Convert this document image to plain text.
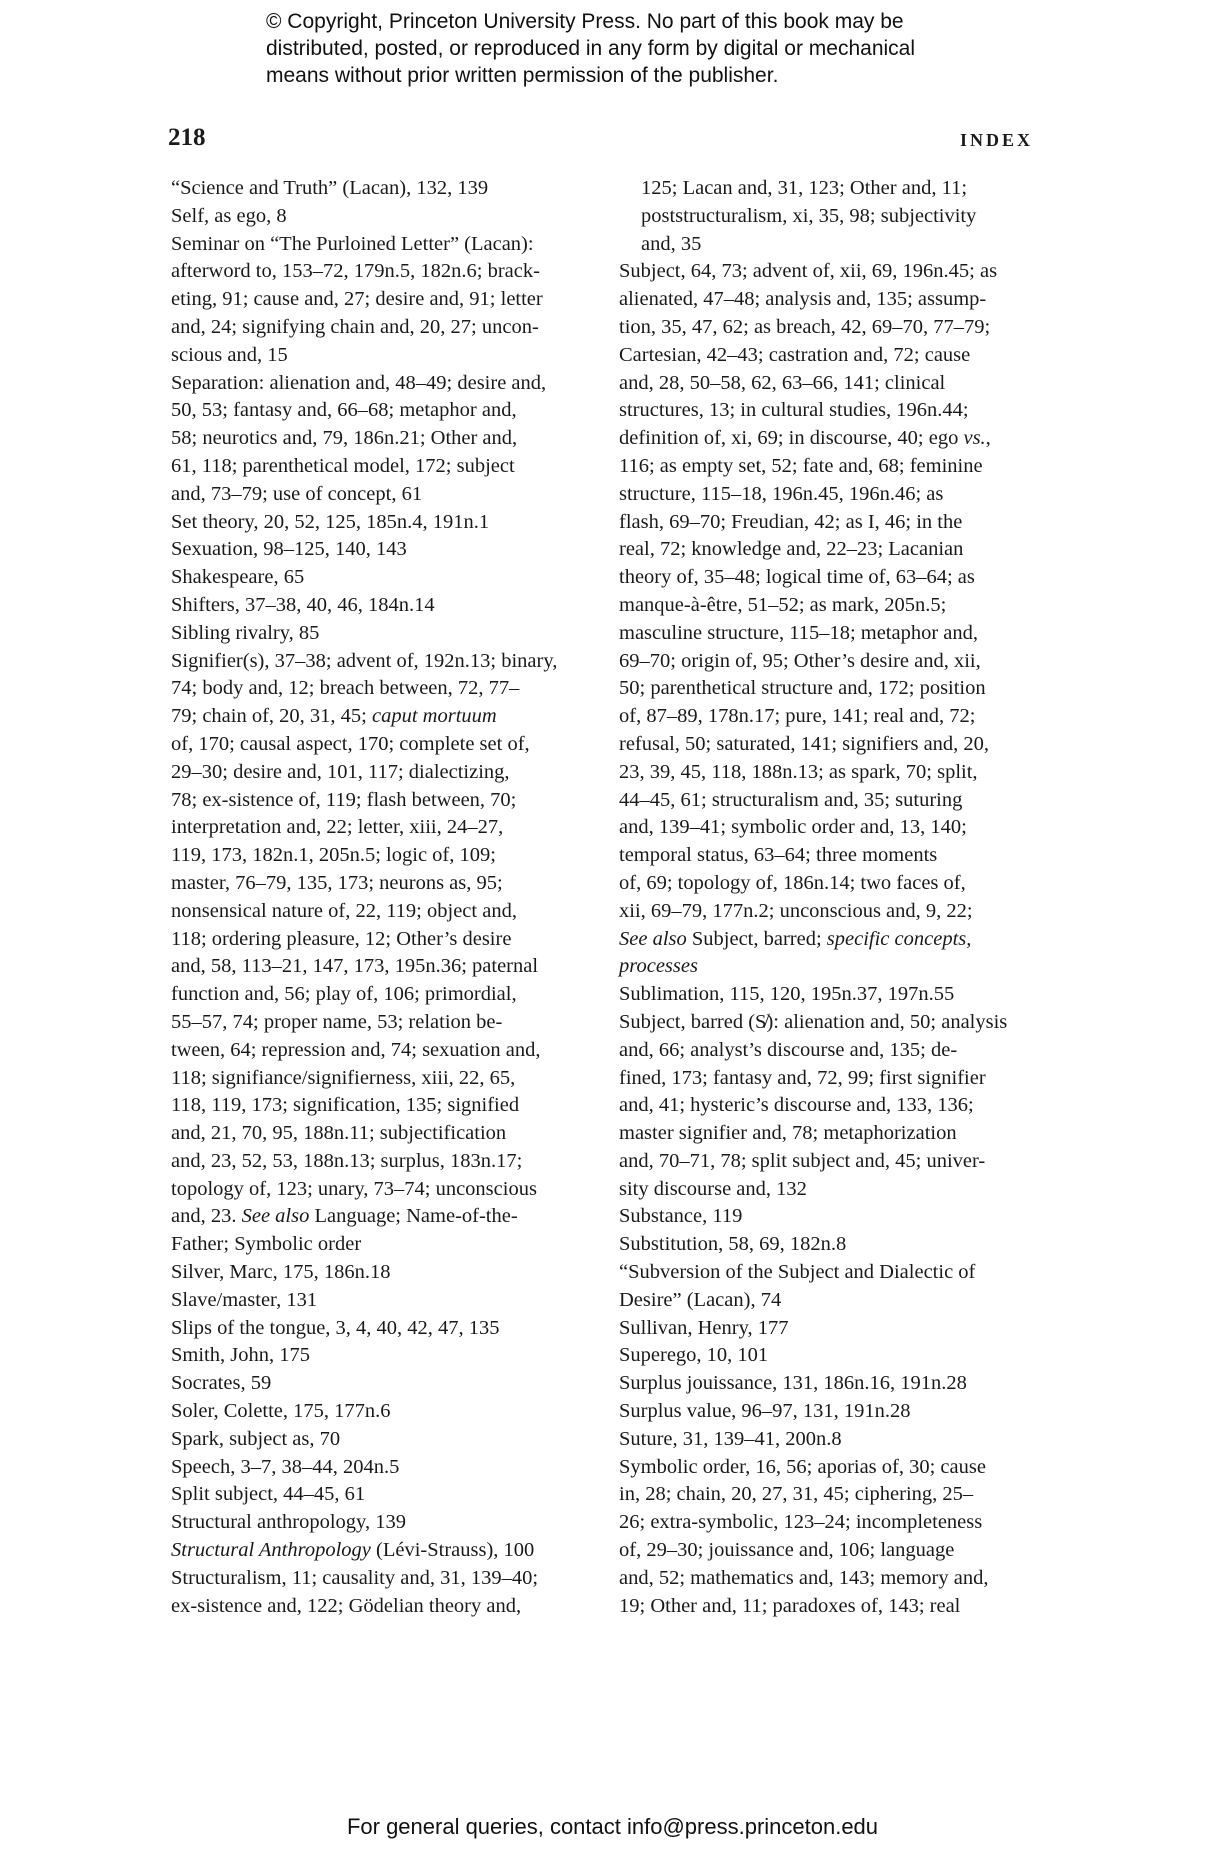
© Copyright, Princeton University Press. No part of this book may be
distributed, posted, or reproduced in any form by digital or mechanical
means without prior written permission of the publisher.
218	INDEX
“Science and Truth” (Lacan), 132, 139
Self, as ego, 8
Seminar on “The Purloined Letter” (Lacan):
afterword to, 153–72, 179n.5, 182n.6; brack-
eting, 91; cause and, 27; desire and, 91; letter
and, 24; signifying chain and, 20, 27; uncon-
scious and, 15
Separation: alienation and, 48–49; desire and,
50, 53; fantasy and, 66–68; metaphor and,
58; neurotics and, 79, 186n.21; Other and,
61, 118; parenthetical model, 172; subject
and, 73–79; use of concept, 61
Set theory, 20, 52, 125, 185n.4, 191n.1
Sexuation, 98–125, 140, 143
Shakespeare, 65
Shifters, 37–38, 40, 46, 184n.14
Sibling rivalry, 85
Signifier(s), 37–38; advent of, 192n.13; binary,
74; body and, 12; breach between, 72, 77–
79; chain of, 20, 31, 45; caput mortuum
of, 170; causal aspect, 170; complete set of,
29–30; desire and, 101, 117; dialectizing,
78; ex-sistence of, 119; flash between, 70;
interpretation and, 22; letter, xiii, 24–27,
119, 173, 182n.1, 205n.5; logic of, 109;
master, 76–79, 135, 173; neurons as, 95;
nonsensical nature of, 22, 119; object and,
118; ordering pleasure, 12; Other’s desire
and, 58, 113–21, 147, 173, 195n.36; paternal
function and, 56; play of, 106; primordial,
55–57, 74; proper name, 53; relation be-
tween, 64; repression and, 74; sexuation and,
118; signifiance/signifierness, xiii, 22, 65,
118, 119, 173; signification, 135; signified
and, 21, 70, 95, 188n.11; subjectification
and, 23, 52, 53, 188n.13; surplus, 183n.17;
topology of, 123; unary, 73–74; unconscious
and, 23. See also Language; Name-of-the-
Father; Symbolic order
Silver, Marc, 175, 186n.18
Slave/master, 131
Slips of the tongue, 3, 4, 40, 42, 47, 135
Smith, John, 175
Socrates, 59
Soler, Colette, 175, 177n.6
Spark, subject as, 70
Speech, 3–7, 38–44, 204n.5
Split subject, 44–45, 61
Structural anthropology, 139
Structural Anthropology (Lévi-Strauss), 100
Structuralism, 11; causality and, 31, 139–40;
ex-sistence and, 122; Gödelian theory and,
125; Lacan and, 31, 123; Other and, 11;
poststructuralism, xi, 35, 98; subjectivity
and, 35
Subject, 64, 73; advent of, xii, 69, 196n.45; as
alienated, 47–48; analysis and, 135; assump-
tion, 35, 47, 62; as breach, 42, 69–70, 77–79;
Cartesian, 42–43; castration and, 72; cause
and, 28, 50–58, 62, 63–66, 141; clinical
structures, 13; in cultural studies, 196n.44;
definition of, xi, 69; in discourse, 40; ego vs.,
116; as empty set, 52; fate and, 68; feminine
structure, 115–18, 196n.45, 196n.46; as
flash, 69–70; Freudian, 42; as I, 46; in the
real, 72; knowledge and, 22–23; Lacanian
theory of, 35–48; logical time of, 63–64; as
manque-à-être, 51–52; as mark, 205n.5;
masculine structure, 115–18; metaphor and,
69–70; origin of, 95; Other’s desire and, xii,
50; parenthetical structure and, 172; position
of, 87–89, 178n.17; pure, 141; real and, 72;
refusal, 50; saturated, 141; signifiers and, 20,
23, 39, 45, 118, 188n.13; as spark, 70; split,
44–45, 61; structuralism and, 35; suturing
and, 139–41; symbolic order and, 13, 140;
temporal status, 63–64; three moments
of, 69; topology of, 186n.14; two faces of,
xii, 69–79, 177n.2; unconscious and, 9, 22;
See also Subject, barred; specific concepts,
processes
Sublimation, 115, 120, 195n.37, 197n.55
Subject, barred (S̸): alienation and, 50; analysis
and, 66; analyst’s discourse and, 135; de-
fined, 173; fantasy and, 72, 99; first signifier
and, 41; hysteric’s discourse and, 133, 136;
master signifier and, 78; metaphorization
and, 70–71, 78; split subject and, 45; univer-
sity discourse and, 132
Substance, 119
Substitution, 58, 69, 182n.8
“Subversion of the Subject and Dialectic of
Desire” (Lacan), 74
Sullivan, Henry, 177
Superego, 10, 101
Surplus jouissance, 131, 186n.16, 191n.28
Surplus value, 96–97, 131, 191n.28
Suture, 31, 139–41, 200n.8
Symbolic order, 16, 56; aporias of, 30; cause
in, 28; chain, 20, 27, 31, 45; ciphering, 25–
26; extra-symbolic, 123–24; incompleteness
of, 29–30; jouissance and, 106; language
and, 52; mathematics and, 143; memory and,
19; Other and, 11; paradoxes of, 143; real
For general queries, contact info@press.princeton.edu
